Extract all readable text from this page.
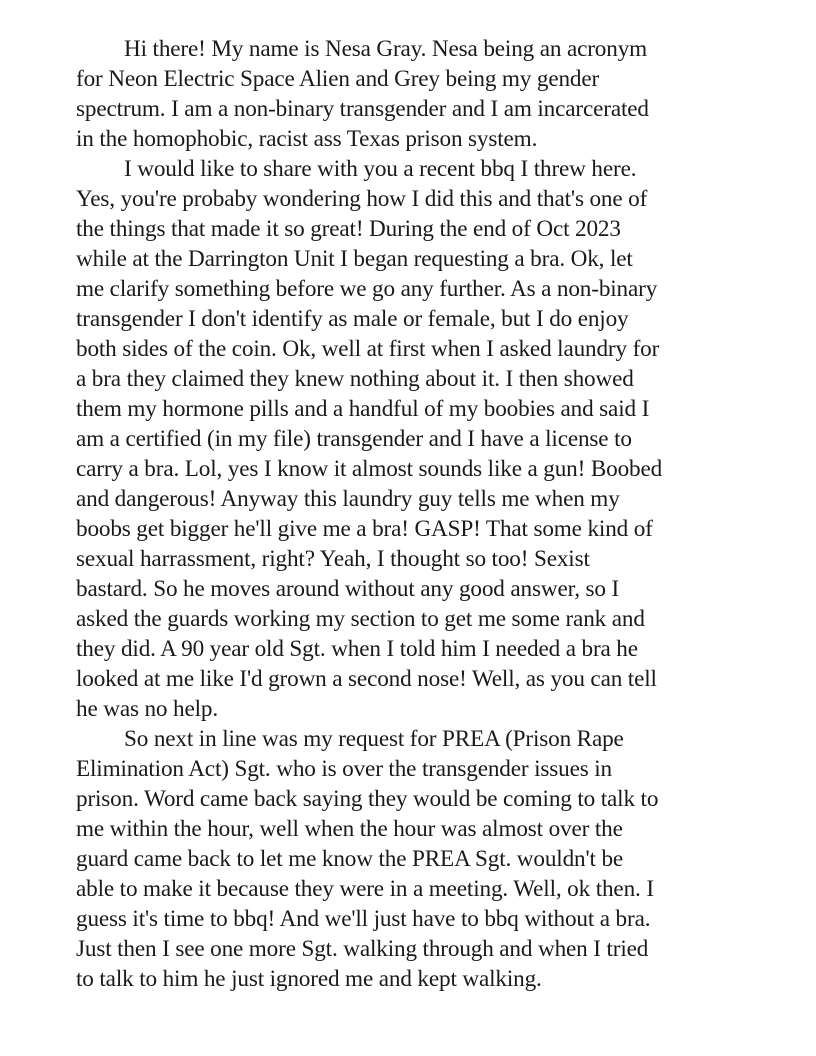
Hi there! My name is Nesa Gray. Nesa being an acronym
for Neon Electric Space Alien and Grey being my gender
spectrum. I am a non-binary transgender and I am incarcerated
in the homophobic, racist ass Texas prison system.
I would like to share with you a recent bbq I threw here.
Yes, you're probaby wondering how I did this and that's one of
the things that made it so great! During the end of Oct 2023
while at the Darrington Unit I began requesting a bra. Ok, let
me clarify something before we go any further. As a non-binary
transgender I don't identify as male or female, but I do enjoy
both sides of the coin. Ok, well at first when I asked laundry for
a bra they claimed they knew nothing about it. I then showed
them my hormone pills and a handful of my boobies and said I
am a certified (in my file) transgender and I have a license to
carry a bra. Lol, yes I know it almost sounds like a gun! Boobed
and dangerous! Anyway this laundry guy tells me when my
boobs get bigger he'll give me a bra! GASP! That some kind of
sexual harrassment, right? Yeah, I thought so too! Sexist
bastard. So he moves around without any good answer, so I
asked the guards working my section to get me some rank and
they did. A 90 year old Sgt. when I told him I needed a bra he
looked at me like I'd grown a second nose! Well, as you can tell
he was no help.
So next in line was my request for PREA (Prison Rape
Elimination Act) Sgt. who is over the transgender issues in
prison. Word came back saying they would be coming to talk to
me within the hour, well when the hour was almost over the
guard came back to let me know the PREA Sgt. wouldn't be
able to make it because they were in a meeting. Well, ok then. I
guess it's time to bbq! And we'll just have to bbq without a bra.
Just then I see one more Sgt. walking through and when I tried
to talk to him he just ignored me and kept walking.
